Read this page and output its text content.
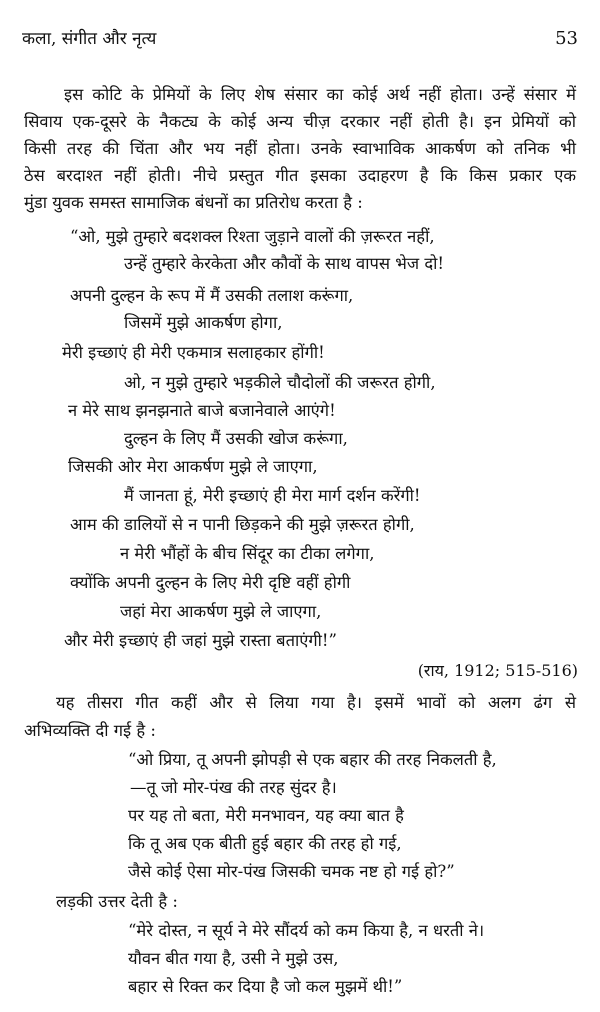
कला, संगीत और नृत्य	53
इस कोटि के प्रेमियों के लिए शेष संसार का कोई अर्थ नहीं होता। उन्हें संसार में
सिवाय एक-दूसरे के नैकट्य के कोई अन्य चीज़ दरकार नहीं होती है। इन प्रेमियों को
किसी तरह की चिंता और भय नहीं होता। उनके स्वाभाविक आकर्षण को तनिक भी
ठेस बरदाश्त नहीं होती। नीचे प्रस्तुत गीत इसका उदाहरण है कि किस प्रकार एक
मुंडा युवक समस्त सामाजिक बंधनों का प्रतिरोध करता है :
“ओ, मुझे तुम्हारे बदशक्ल रिश्ता जुड़ाने वालों की ज़रूरत नहीं,
उन्हें तुम्हारे केरकेता और कौवों के साथ वापस भेज दो!
अपनी दुल्हन के रूप में मैं उसकी तलाश करूंगा,
जिसमें मुझे आकर्षण होगा,
मेरी इच्छाएं ही मेरी एकमात्र सलाहकार होंगी!
ओ, न मुझे तुम्हारे भड़कीले चौदोलों की जरूरत होगी,
न मेरे साथ झनझनाते बाजे बजानेवाले आएंगे!
दुल्हन के लिए मैं उसकी खोज करूंगा,
जिसकी ओर मेरा आकर्षण मुझे ले जाएगा,
मैं जानता हूं, मेरी इच्छाएं ही मेरा मार्ग दर्शन करेंगी!
आम की डालियों से न पानी छिड़कने की मुझे ज़रूरत होगी,
न मेरी भौंहों के बीच सिंदूर का टीका लगेगा,
क्योंकि अपनी दुल्हन के लिए मेरी दृष्टि वहीं होगी
जहां मेरा आकर्षण मुझे ले जाएगा,
और मेरी इच्छाएं ही जहां मुझे रास्ता बताएंगी!”
(राय, 1912; 515-516)
यह तीसरा गीत कहीं और से लिया गया है। इसमें भावों को अलग ढंग से
अभिव्यक्ति दी गई है :
“ओ प्रिया, तू अपनी झोपड़ी से एक बहार की तरह निकलती है,
—तू जो मोर-पंख की तरह सुंदर है।
पर यह तो बता, मेरी मनभावन, यह क्या बात है
कि तू अब एक बीती हुई बहार की तरह हो गई,
जैसे कोई ऐसा मोर-पंख जिसकी चमक नष्ट हो गई हो?”
लड़की उत्तर देती है :
“मेरे दोस्त, न सूर्य ने मेरे सौंदर्य को कम किया है, न धरती ने।
यौवन बीत गया है, उसी ने मुझे उस,
बहार से रिक्त कर दिया है जो कल मुझमें थी!”
